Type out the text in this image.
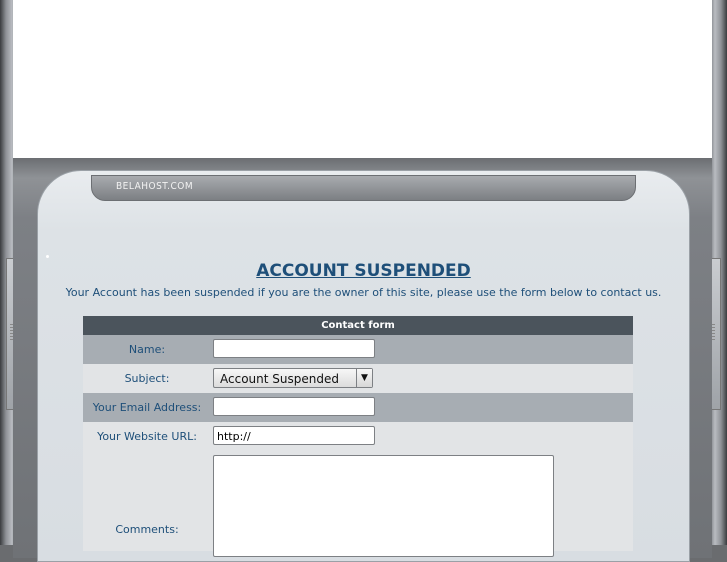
BELAHOST.COM
ACCOUNT SUSPENDED
Your Account has been suspended if you are the owner of this site, please use the form below to contact us.
Contact form
Name:
Subject:	Account Suspended	▼
Your Email Address:
Your Website URL:	http://
Comments:
